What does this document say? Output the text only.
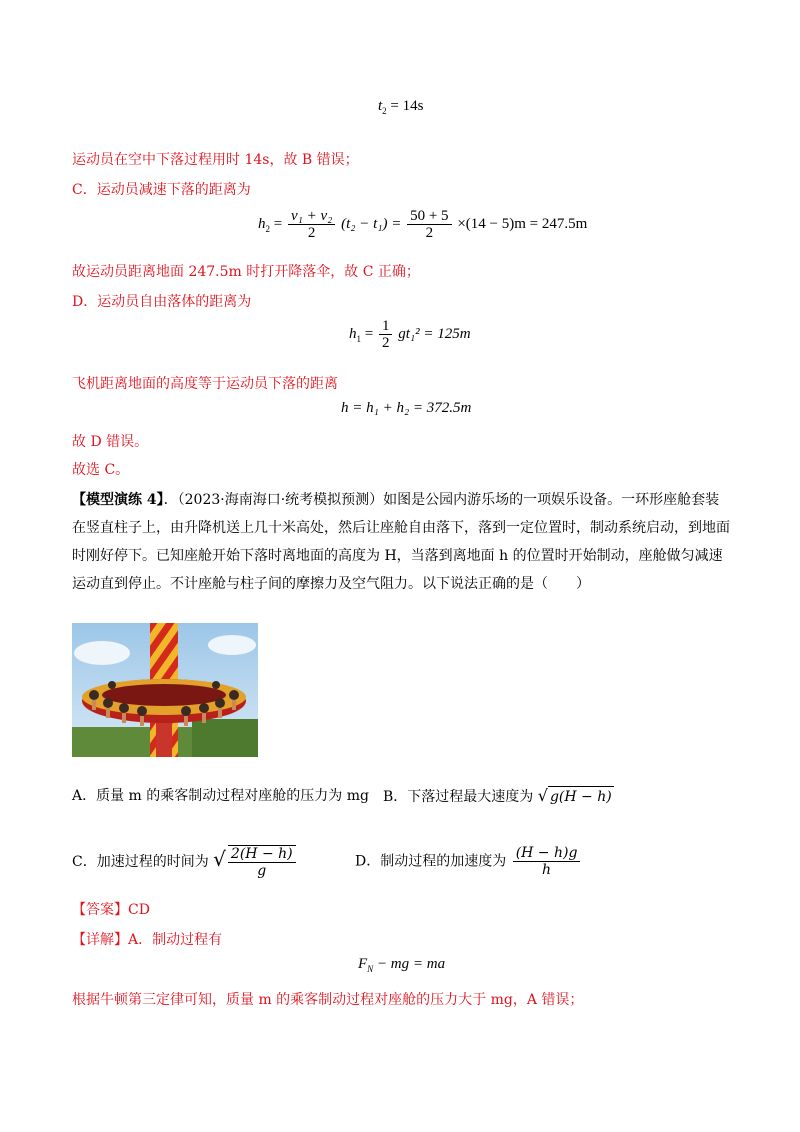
$t_2 = 14s$
运动员在空中下落过程用时 14s，故 B 错误；
C．运动员减速下落的距离为
$h_2 = \frac{\text{v₁ + v₂}}{2} (t_2 - t_1) = \frac{50 + 5}{2} \times(14 - 5)m = 247.5m$
故运动员距离地面 247.5m 时打开降落伞，故 C 正确；
D．运动员自由落体的距离为
$h_1 = \frac{1}{2} gt_1^2 = 125m$
飞机距离地面的高度等于运动员下落的距离
h = h₁ + h₂ = 372.5m
故 D 错误。
故选 C。
【模型演练 4】．（2023·海南海口·统考模拟预测）如图是公园内游乐场的一项娱乐设备。一环形座舱套装在竖直柱子上，由升降机送上几十米高处，然后让座舱自由落下，落到一定位置时，制动系统启动，到地面时刚好停下。已知座舱开始下落时离地面的高度为 H，当落到离地面 h 的位置时开始制动，座舱做匀减速运动直到停止。不计座舱与柱子间的摩擦力及空气阻力。以下说法正确的是（　　）
A．质量 m 的乘客制动过程对座舱的压力为 mg B．下落过程最大速度为 √ g(H − h)
C．加速过程的时间为 √ $\frac{2(H - h)}{g}$	D．制动过程的加速度为 $\frac{(H - h)g}{h}$
【答案】CD
【详解】A．制动过程有
$F_N$ − mg = ma
根据牛顿第三定律可知，质量 m 的乘客制动过程对座舱的压力大于 mg，A 错误；
